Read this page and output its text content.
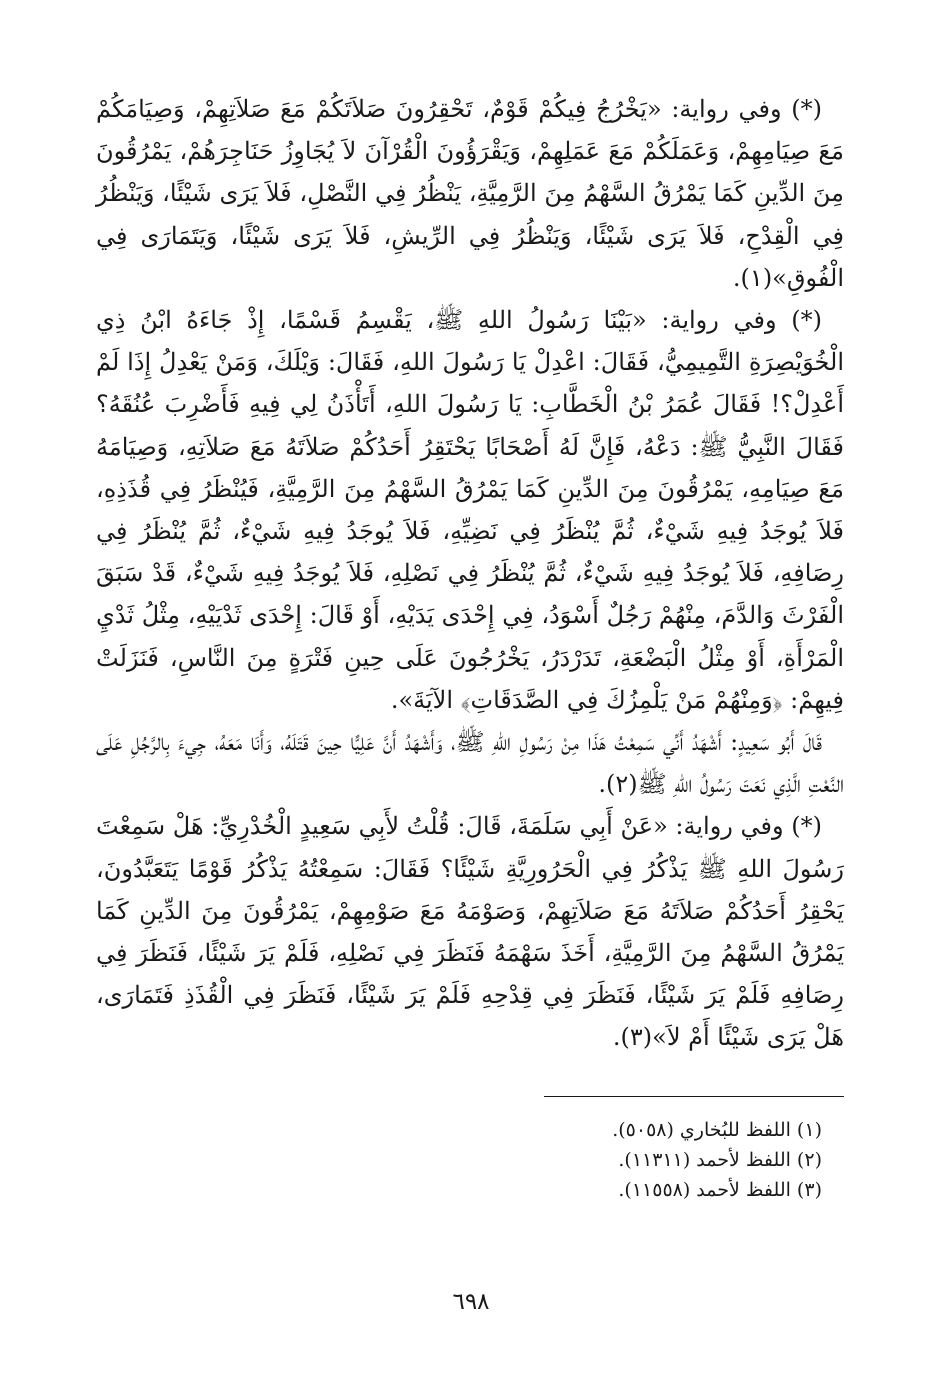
(*) وفي رواية: «يَخْرُجُ فِيكُمْ قَوْمٌ، تَحْقِرُونَ صَلاَتَكُمْ مَعَ صَلاَتِهِمْ، وَصِيَامَكُمْ مَعَ صِيَامِهِمْ، وَعَمَلَكُمْ مَعَ عَمَلِهِمْ، وَيَقْرَؤُونَ الْقُرْآنَ لاَ يُجَاوِزُ حَنَاجِرَهُمْ، يَمْرُقُونَ مِنَ الدِّينِ كَمَا يَمْرُقُ السَّهْمُ مِنَ الرَّمِيَّةِ، يَنْظُرُ فِي النَّصْلِ، فَلاَ يَرَى شَيْئًا، وَيَنْظُرُ فِي الْقِدْحِ، فَلاَ يَرَى شَيْئًا، وَيَنْظُرُ فِي الرِّيشِ، فَلاَ يَرَى شَيْئًا، وَيَتَمَارَى فِي الْفُوقِ»(١).

(*) وفي رواية: «بَيْنَا رَسُولُ اللهِ ﷺ، يَقْسِمُ قَسْمًا، إِذْ جَاءَهُ ابْنُ ذِي الْخُوَيْصِرَةِ التَّمِيمِيُّ، فَقَالَ: اعْدِلْ يَا رَسُولَ اللهِ، فَقَالَ: وَيْلَكَ، وَمَنْ يَعْدِلُ إِذَا لَمْ أَعْدِلْ؟! فَقَالَ عُمَرُ بْنُ الْخَطَّابِ: يَا رَسُولَ اللهِ، أَتَأْذَنُ لِي فِيهِ فَأَضْرِبَ عُنُقَهُ؟ فَقَالَ النَّبِيُّ ﷺ: دَعْهُ، فَإِنَّ لَهُ أَصْحَابًا يَحْتَقِرُ أَحَدُكُمْ صَلاَتَهُ مَعَ صَلاَتِهِ، وَصِيَامَهُ مَعَ صِيَامِهِ، يَمْرُقُونَ مِنَ الدِّينِ كَمَا يَمْرُقُ السَّهْمُ مِنَ الرَّمِيَّةِ، فَيُنْظَرُ فِي قُذَذِهِ، فَلاَ يُوجَدُ فِيهِ شَيْءٌ، ثُمَّ يُنْظَرُ فِي نَضِيِّهِ، فَلاَ يُوجَدُ فِيهِ شَيْءٌ، ثُمَّ يُنْظَرُ فِي رِصَافِهِ، فَلاَ يُوجَدُ فِيهِ شَيْءٌ، ثُمَّ يُنْظَرُ فِي نَصْلِهِ، فَلاَ يُوجَدُ فِيهِ شَيْءٌ، قَدْ سَبَقَ الْفَرْثَ وَالدَّمَ، مِنْهُمْ رَجُلٌ أَسْوَدُ، فِي إِحْدَى يَدَيْهِ، أَوْ قَالَ: إِحْدَى ثَدْيَيْهِ، مِثْلُ ثَدْيِ الْمَرْأَةِ، أَوْ مِثْلُ الْبَضْعَةِ، تَدَرْدَرُ، يَخْرُجُونَ عَلَى حِينِ فَتْرَةٍ مِنَ النَّاسِ، فَنَزَلَتْ فِيهِمْ: ﴿وَمِنْهُمْ مَنْ يَلْمِزُكَ فِي الصَّدَقَاتِ﴾ الآيَةَ».

قَالَ أَبُو سَعِيدٍ: أَشْهَدُ أَنِّي سَمِعْتُ هَذَا مِنْ رَسُولِ اللهِ ﷺ، وَأَشْهَدُ أَنَّ عَلِيًّا حِينَ قَتَلَهُ، وَأَنَا مَعَهُ، جِيءَ بِالرَّجُلِ عَلَى النَّعْتِ الَّذِي نَعَتَ رَسُولُ اللهِ ﷺ(٢).

(*) وفي رواية: «عَنْ أَبِي سَلَمَةَ، قَالَ: قُلْتُ لأَبِي سَعِيدٍ الْخُدْرِيِّ: هَلْ سَمِعْتَ رَسُولَ اللهِ ﷺ يَذْكُرُ فِي الْحَرُورِيَّةِ شَيْئًا؟ فَقَالَ: سَمِعْتُهُ يَذْكُرُ قَوْمًا يَتَعَبَّدُونَ، يَحْقِرُ أَحَدُكُمْ صَلاَتَهُ مَعَ صَلاَتِهِمْ، وَصَوْمَهُ مَعَ صَوْمِهِمْ، يَمْرُقُونَ مِنَ الدِّينِ كَمَا يَمْرُقُ السَّهْمُ مِنَ الرَّمِيَّةِ، أَخَذَ سَهْمَهُ فَنَظَرَ فِي نَصْلِهِ، فَلَمْ يَرَ شَيْئًا، فَنَظَرَ فِي رِصَافِهِ فَلَمْ يَرَ شَيْئًا، فَنَظَرَ فِي قِدْحِهِ فَلَمْ يَرَ شَيْئًا، فَنَظَرَ فِي الْقُذَذِ فَتَمَارَى، هَلْ يَرَى شَيْئًا أَمْ لاَ»(٣).

(١) اللفظ للبُخاري (٥٠٥٨).

(٢) اللفظ لأحمد (١١٣١١).

(٣) اللفظ لأحمد (١١٥٥٨).

٦٩٨
